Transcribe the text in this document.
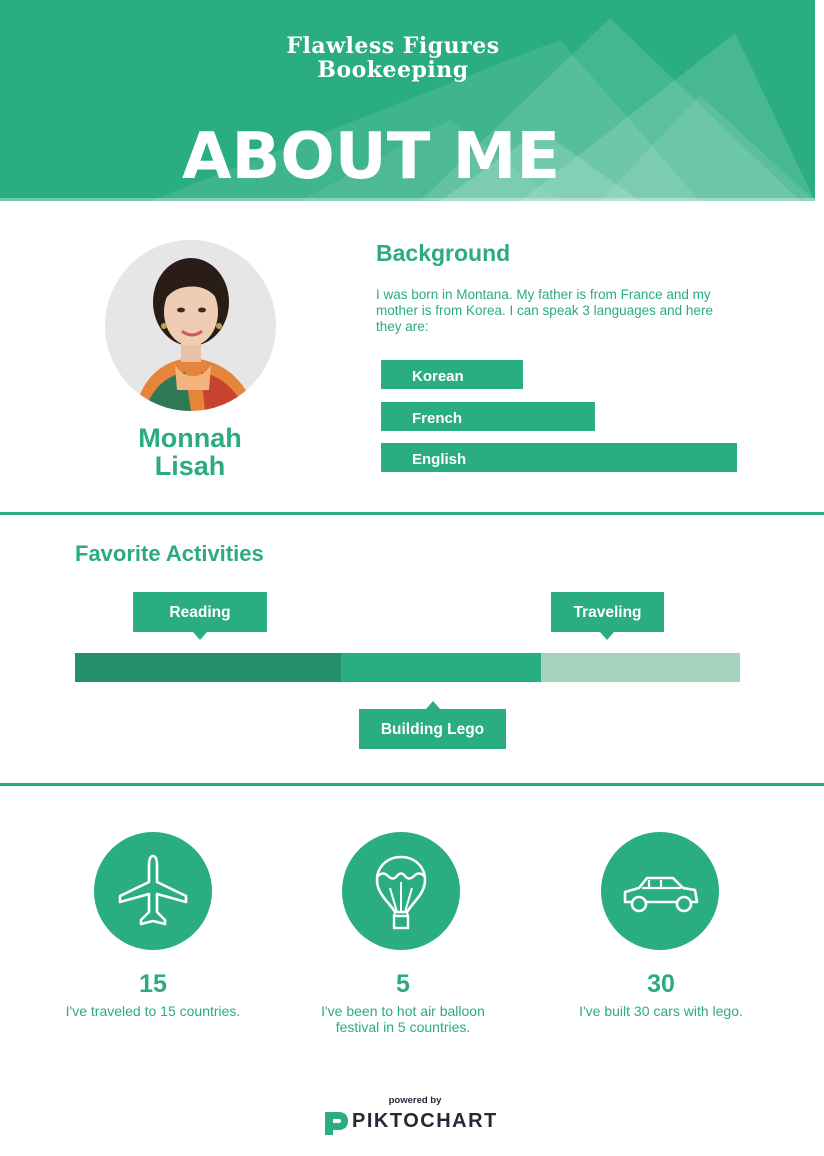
Flawless Figures
Bookeeping
ABOUT ME
Monnah
Lisah
Background
I was born in Montana. My father is from France and my mother is from Korea. I can speak 3 languages and here they are:
Korean
French
English
Favorite Activities
Reading	Traveling
Building Lego
15
I've traveled to 15 countries.
5
I've been to hot air balloon festival in 5 countries.
30
I've built 30 cars with lego.
powered by
PIKTOCHART
